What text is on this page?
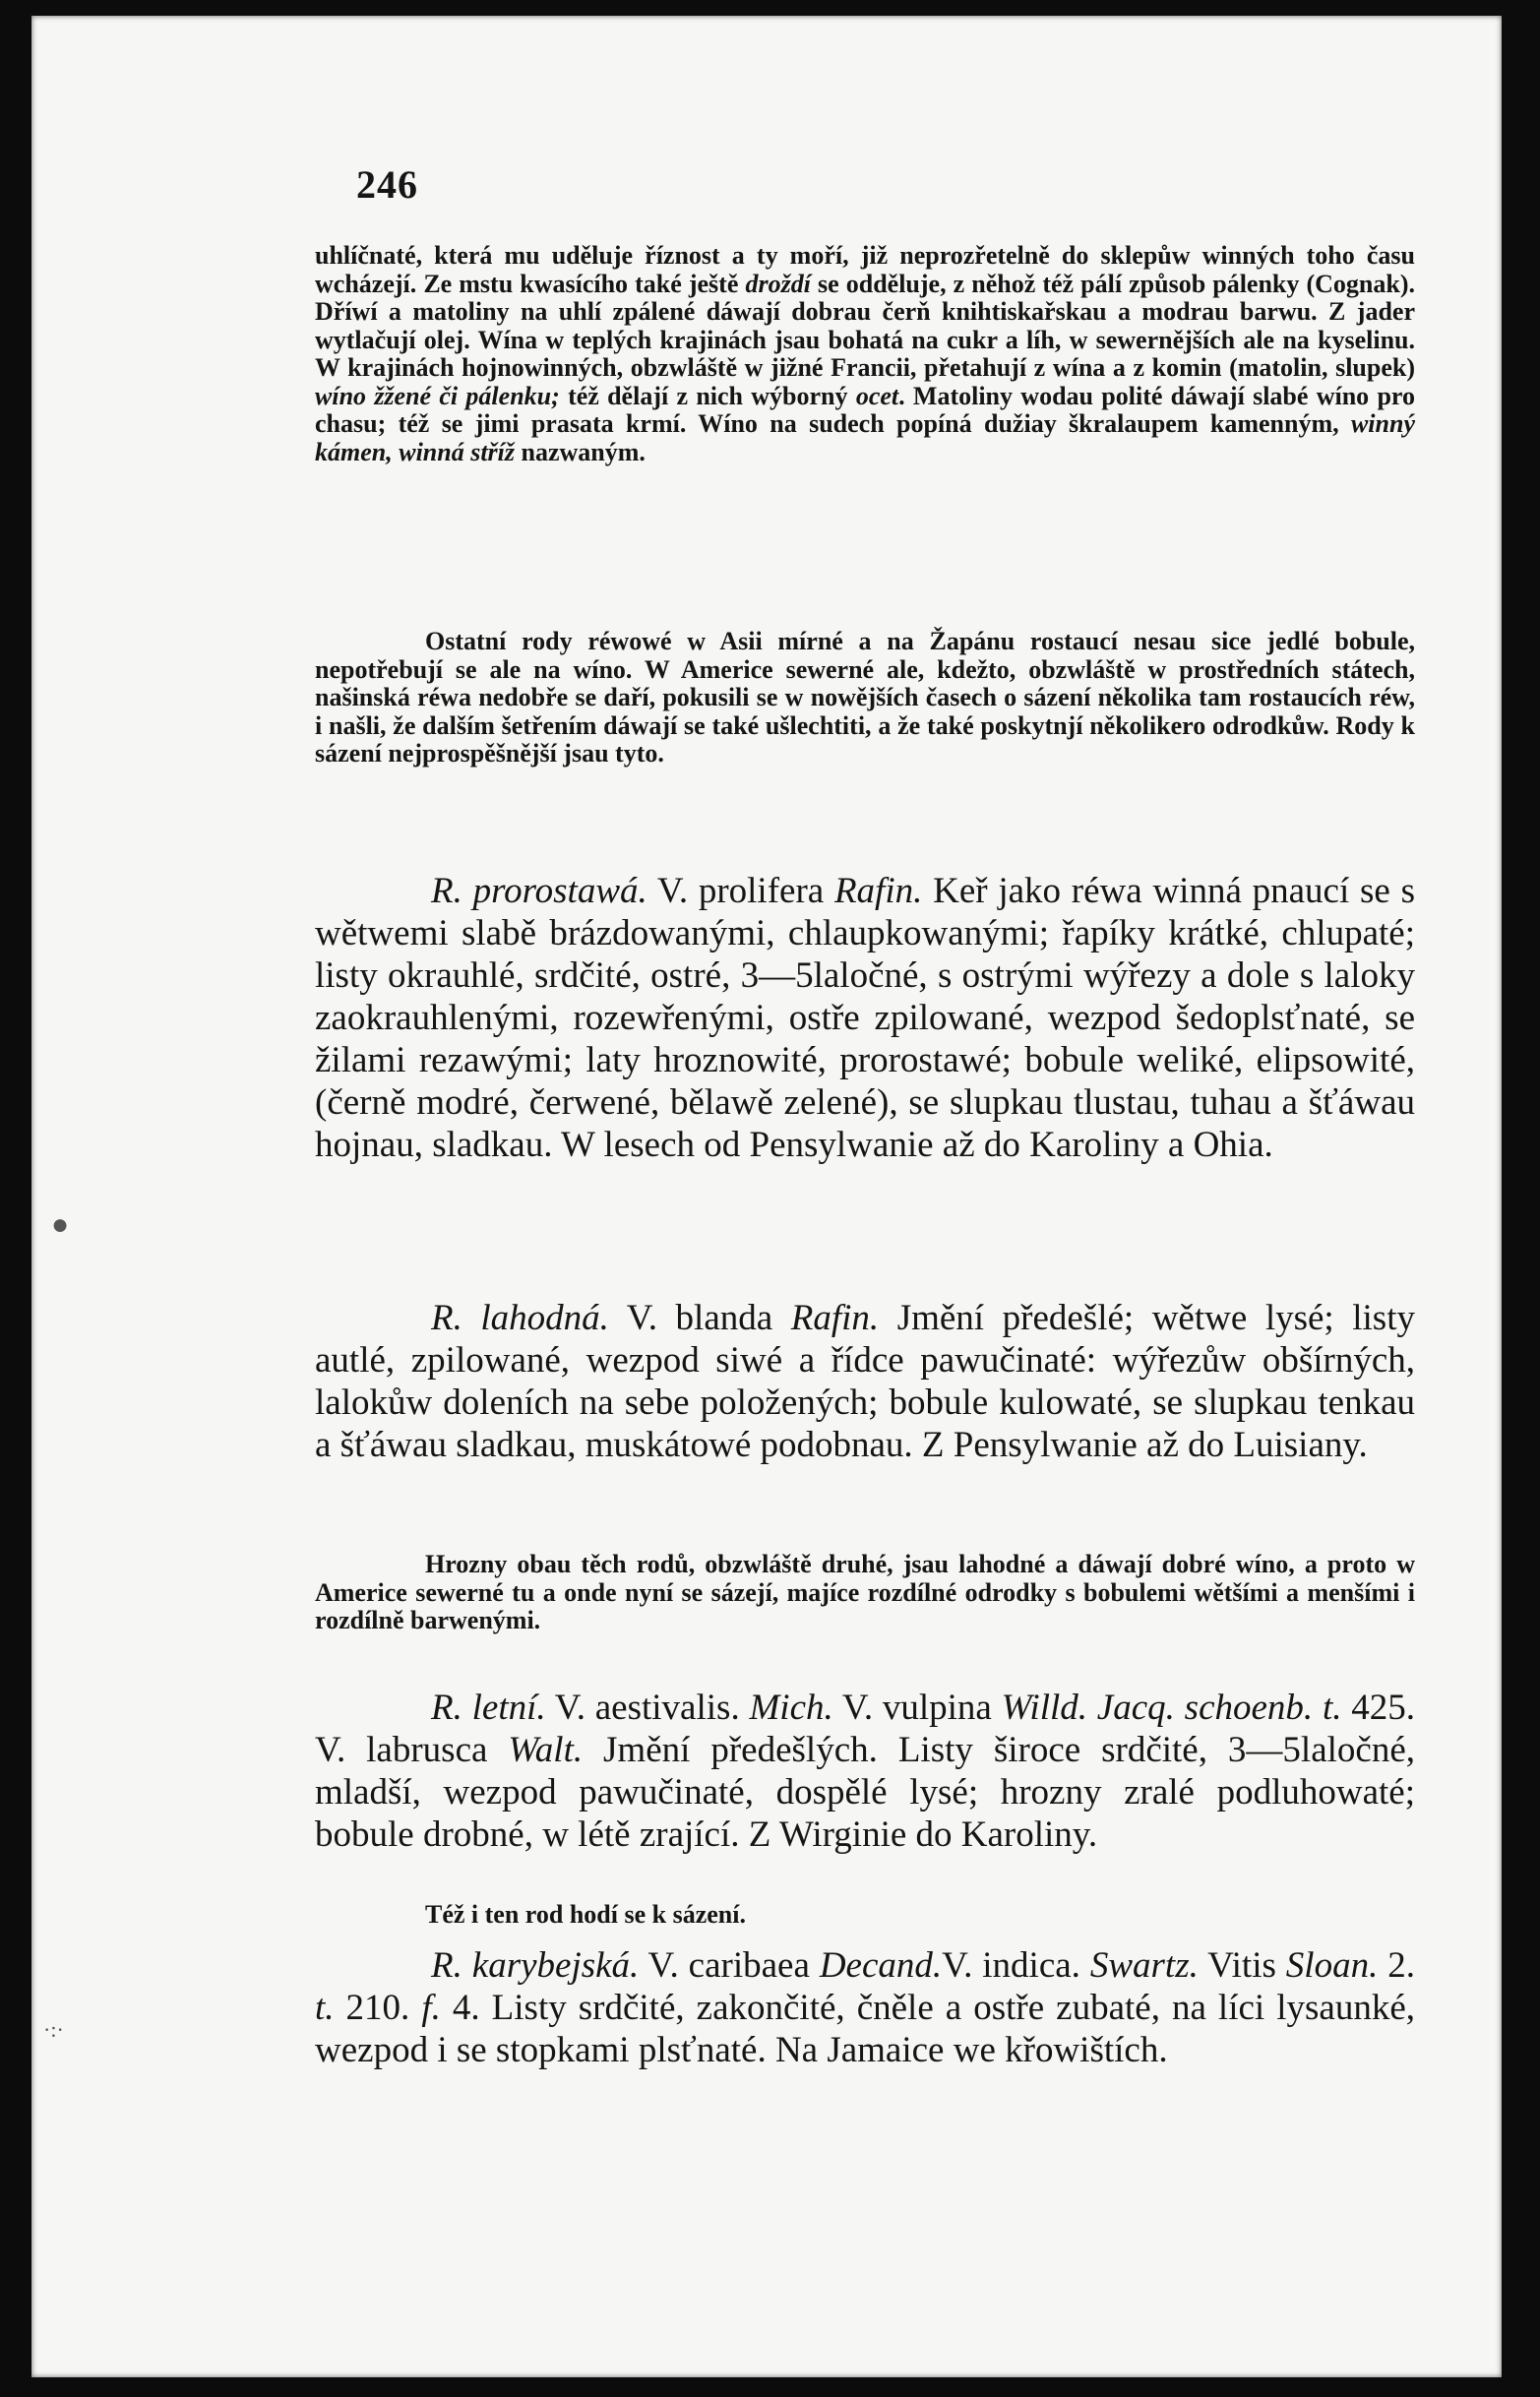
246

uhlíčnaté, která mu uděluje říznost a ty moří, již neprozřetelně do sklepůw winných toho času wcházejí. Ze mstu kwasícího také ještě droždí se odděluje, z něhož též pálí způsob pálenky (Cognak). Dříwí a matoliny na uhlí zpálené dáwají dobrau čerň knihtiskařskau a modrau barwu. Z jader wytlačují olej. Wína w teplých krajinách jsau bohatá na cukr a líh, w sewernějších ale na kyselinu. W krajinách hojnowinných, obzwláště w jižné Francii, přetahují z wína a z komin (matolin, slupek) wíno žžené či pálenku; též dělají z nich wýborný ocet. Matoliny wodau polité dáwají slabé wíno pro chasu; též se jimi prasata krmí. Wíno na sudech popíná dužiay škralaupem kamenným, winný kámen, winná stříž nazwaným.

Ostatní rody réwowé w Asii mírné a na Žapánu rostaucí nesau sice jedlé bobule, nepotřebují se ale na wíno. W Americe sewerné ale, kdežto, obzwláště w prostředních státech, našinská réwa nedobře se daří, pokusili se w nowějších časech o sázení několika tam rostaucích réw, i našli, že dalším šetřením dáwají se také ušlechtiti, a že také poskytnjí několikero odrodkůw. Rody k sázení nejprospěšnější jsau tyto.

R. prorostawá. V. prolifera Rafin. Keř jako réwa winná pnaucí se s wětwemi slabě brázdowanými, chlaupkowanými; řapíky krátké, chlupaté; listy okrauhlé, srdčité, ostré, 3—5laločné, s ostrými wýřezy a dole s laloky zaokrauhlenými, rozewřenými, ostře zpilowané, wezpod šedoplsťnaté, se žilami rezawými; laty hroznowité, prorostawé; bobule weliké, elipsowité, (černě modré, čerwené, bělawě zelené), se slupkau tlustau, tuhau a šťáwau hojnau, sladkau. W lesech od Pensylwanie až do Karoliny a Ohia.

R. lahodná. V. blanda Rafin. Jmění předešlé; wětwe lysé; listy autlé, zpilowané, wezpod siwé a řídce pawučinaté: wýřezůw obšírných, lalokůw doleních na sebe položených; bobule kulowaté, se slupkau tenkau a šťáwau sladkau, muskátowé podobnau. Z Pensylwanie až do Luisiany.

Hrozny obau těch rodů, obzwláště druhé, jsau lahodné a dáwají dobré wíno, a proto w Americe sewerné tu a onde nyní se sázejí, majíce rozdílné odrodky s bobulemi wětšími a menšími i rozdílně barwenými.

R. letní. V. aestivalis. Mich. V. vulpina Willd. Jacq. schoenb. t. 425. V. labrusca Walt. Jmění předešlých. Listy široce srdčité, 3—5laločné, mladší, wezpod pawučinaté, dospělé lysé; hrozny zralé podluhowaté; bobule drobné, w létě zrající. Z Wirginie do Karoliny.

Též i ten rod hodí se k sázení.

R. karybejská. V. caribaea Decand.V. indica. Swartz. Vitis Sloan. 2. t. 210. f. 4. Listy srdčité, zakončité, čněle a ostře zubaté, na líci lysaunké, wezpod i se stopkami plsťnaté. Na Jamaice we křowištích.

●
·:·
